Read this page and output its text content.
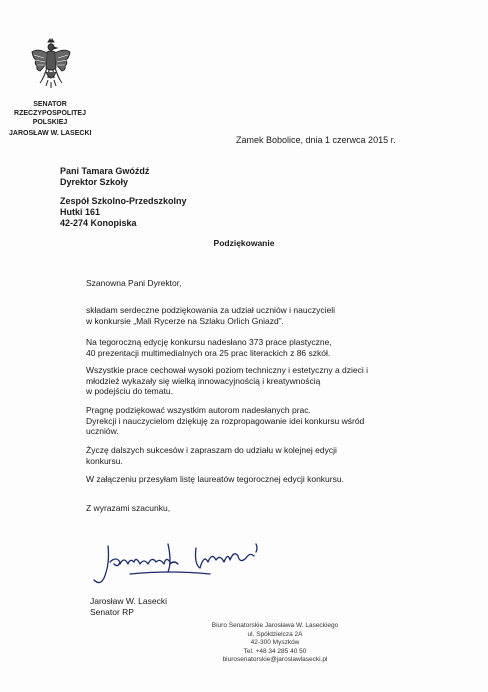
SENATOR
RZECZYPOSPOLITEJ POLSKIEJ
JAROSŁAW W. LASECKI
Zamek Bobolice, dnia 1 czerwca 2015 r.
Pani Tamara Gwóźdź
Dyrektor Szkoły
Zespół Szkolno-Przedszkolny
Hutki 161
42-274 Konopiska
Podziękowanie
Szanowna Pani Dyrektor,
składam serdeczne podziękowania za udział uczniów i nauczycieli
w konkursie „Mali Rycerze na Szlaku Orlich Gniazd”.
Na tegoroczną edycję konkursu nadesłano 373 prace plastyczne,
40 prezentacji multimedialnych ora 25 prac literackich z 86 szkół.
Wszystkie prace cechował wysoki poziom techniczny i estetyczny a dzieci i
młodzież wykazały się wielką innowacyjnością i kreatywnością
w podejściu do tematu.
Pragnę podziękować wszystkim autorom nadesłanych prac.
Dyrekcji i nauczycielom dziękuję za rozpropagowanie idei konkursu wśród
uczniów.
Życzę dalszych sukcesów i zapraszam do udziału w kolejnej edycji
konkursu.
W załączeniu przesyłam listę laureatów tegorocznej edycji konkursu.
Z wyrazami szacunku,
Jarosław W. Lasecki
Senator RP
Biuro Senatorskie Jarosława W. Laseckiego
ul. Spółdzielcza 2A
42-300 Myszków
Tel. +48 34 285 40 50
biurosenatorskie@jaroslawlasecki.pl
